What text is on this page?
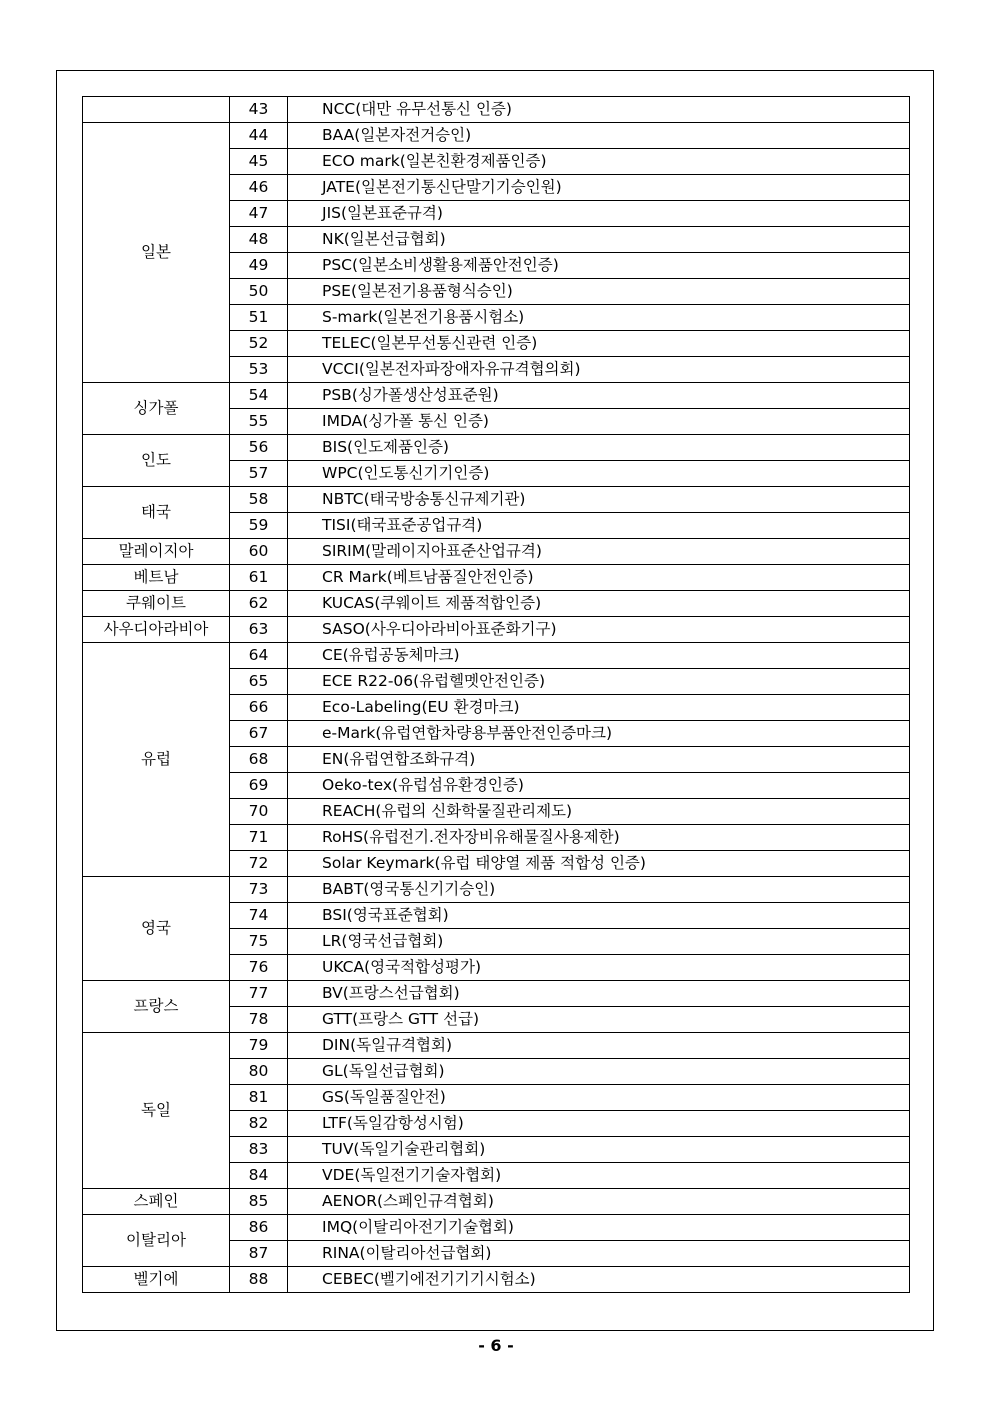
	43	NCC(대만 유무선통신 인증)
일본	44	BAA(일본자전거승인)
	45	ECO mark(일본친환경제품인증)
	46	JATE(일본전기통신단말기기승인원)
	47	JIS(일본표준규격)
	48	NK(일본선급협회)
	49	PSC(일본소비생활용제품안전인증)
	50	PSE(일본전기용품형식승인)
	51	S-mark(일본전기용품시험소)
	52	TELEC(일본무선통신관련 인증)
	53	VCCI(일본전자파장애자유규격협의회)
싱가폴	54	PSB(싱가폴생산성표준원)
	55	IMDA(싱가폴 통신 인증)
인도	56	BIS(인도제품인증)
	57	WPC(인도통신기기인증)
태국	58	NBTC(태국방송통신규제기관)
	59	TISI(태국표준공업규격)
말레이지아	60	SIRIM(말레이지아표준산업규격)
베트남	61	CR Mark(베트남품질안전인증)
쿠웨이트	62	KUCAS(쿠웨이트 제품적합인증)
사우디아라비아	63	SASO(사우디아라비아표준화기구)
유럽	64	CE(유럽공동체마크)
	65	ECE R22-06(유럽헬멧안전인증)
	66	Eco-Labeling(EU 환경마크)
	67	e-Mark(유럽연합차량용부품안전인증마크)
	68	EN(유럽연합조화규격)
	69	Oeko-tex(유럽섬유환경인증)
	70	REACH(유럽의 신화학물질관리제도)
	71	RoHS(유럽전기.전자장비유해물질사용제한)
	72	Solar Keymark(유럽 태양열 제품 적합성 인증)
영국	73	BABT(영국통신기기승인)
	74	BSI(영국표준협회)
	75	LR(영국선급협회)
	76	UKCA(영국적합성평가)
프랑스	77	BV(프랑스선급협회)
	78	GTT(프랑스 GTT 선급)
독일	79	DIN(독일규격협회)
	80	GL(독일선급협회)
	81	GS(독일품질안전)
	82	LTF(독일감항성시험)
	83	TUV(독일기술관리협회)
	84	VDE(독일전기기술자협회)
스페인	85	AENOR(스페인규격협회)
이탈리아	86	IMQ(이탈리아전기기술협회)
	87	RINA(이탈리아선급협회)
벨기에	88	CEBEC(벨기에전기기기시험소)
- 6 -
